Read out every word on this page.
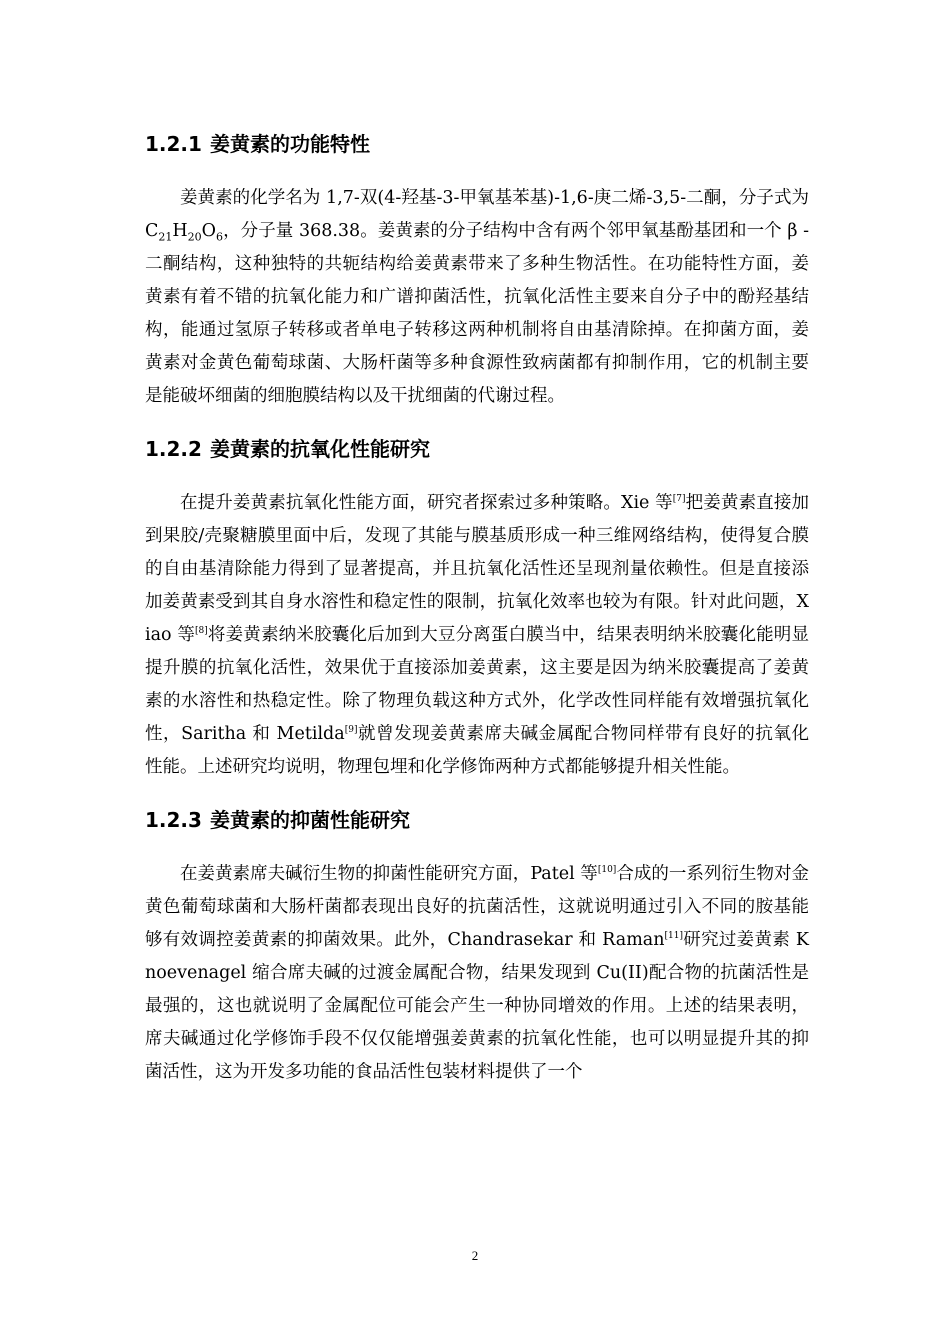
1.2.1 姜黄素的功能特性

姜黄素的化学名为 1,7-双(4-羟基-3-甲氧基苯基)-1,6-庚二烯-3,5-二酮，分子式为 $C_{21}H_{20}O_6$，分子量 368.38。姜黄素的分子结构中含有两个邻甲氧基酚基团和一个 β -二酮结构，这种独特的共轭结构给姜黄素带来了多种生物活性。在功能特性方面，姜黄素有着不错的抗氧化能力和广谱抑菌活性，抗氧化活性主要来自分子中的酚羟基结构，能通过氢原子转移或者单电子转移这两种机制将自由基清除掉。在抑菌方面，姜黄素对金黄色葡萄球菌、大肠杆菌等多种食源性致病菌都有抑制作用，它的机制主要是能破坏细菌的细胞膜结构以及干扰细菌的代谢过程。

1.2.2 姜黄素的抗氧化性能研究

在提升姜黄素抗氧化性能方面，研究者探索过多种策略。Xie 等[7]把姜黄素直接加到果胶/壳聚糖膜里面中后，发现了其能与膜基质形成一种三维网络结构，使得复合膜的自由基清除能力得到了显著提高，并且抗氧化活性还呈现剂量依赖性。但是直接添加姜黄素受到其自身水溶性和稳定性的限制，抗氧化效率也较为有限。针对此问题，Xiao 等[8]将姜黄素纳米胶囊化后加到大豆分离蛋白膜当中，结果表明纳米胶囊化能明显提升膜的抗氧化活性，效果优于直接添加姜黄素，这主要是因为纳米胶囊提高了姜黄素的水溶性和热稳定性。除了物理负载这种方式外，化学改性同样能有效增强抗氧化性，Saritha 和 Metilda[9]就曾发现姜黄素席夫碱金属配合物同样带有良好的抗氧化性能。上述研究均说明，物理包埋和化学修饰两种方式都能够提升相关性能。

1.2.3 姜黄素的抑菌性能研究

在姜黄素席夫碱衍生物的抑菌性能研究方面，Patel 等[10]合成的一系列衍生物对金黄色葡萄球菌和大肠杆菌都表现出良好的抗菌活性，这就说明通过引入不同的胺基能够有效调控姜黄素的抑菌效果。此外，Chandrasekar 和 Raman[11]研究过姜黄素 Knoevenagel 缩合席夫碱的过渡金属配合物，结果发现到 Cu(II)配合物的抗菌活性是最强的，这也就说明了金属配位可能会产生一种协同增效的作用。上述的结果表明，席夫碱通过化学修饰手段不仅仅能增强姜黄素的抗氧化性能，也可以明显提升其的抑菌活性，这为开发多功能的食品活性包装材料提供了一个

2
